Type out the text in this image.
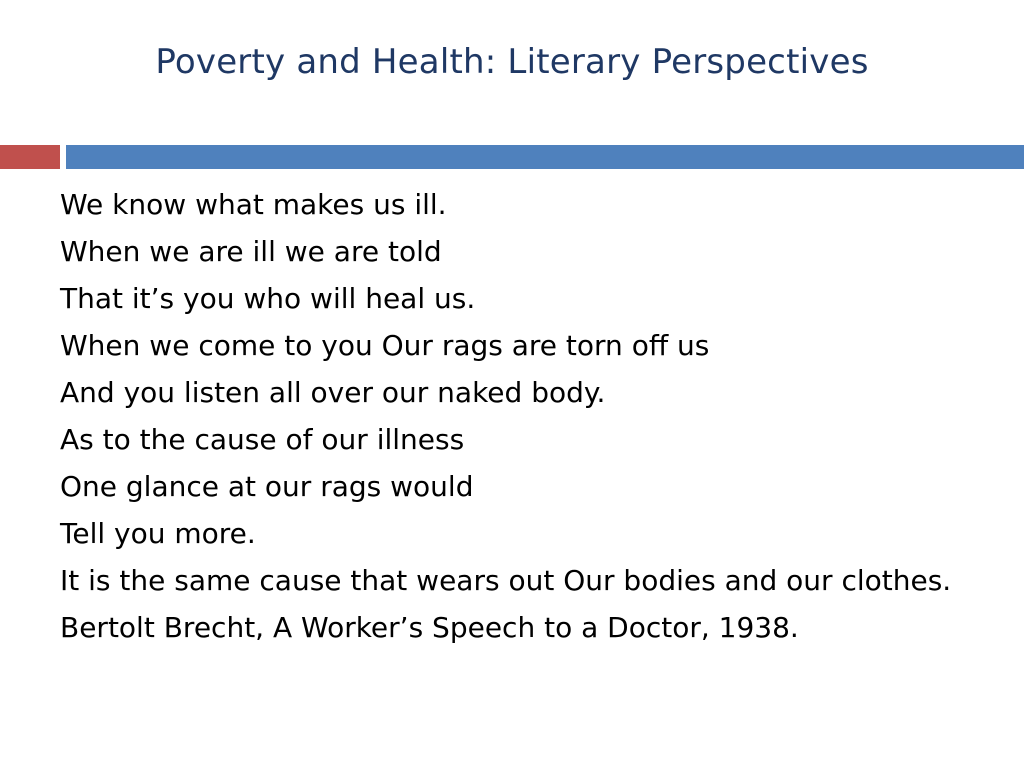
Poverty and Health: Literary Perspectives
We know what makes us ill.
When we are ill we are told
That it’s you who will heal us.
When we come to you Our rags are torn off us
And you listen all over our naked body.
As to the cause of our illness
One glance at our rags would
Tell you more.
It is the same cause that wears out Our bodies and our clothes.
Bertolt Brecht, A Worker’s Speech to a Doctor, 1938.
